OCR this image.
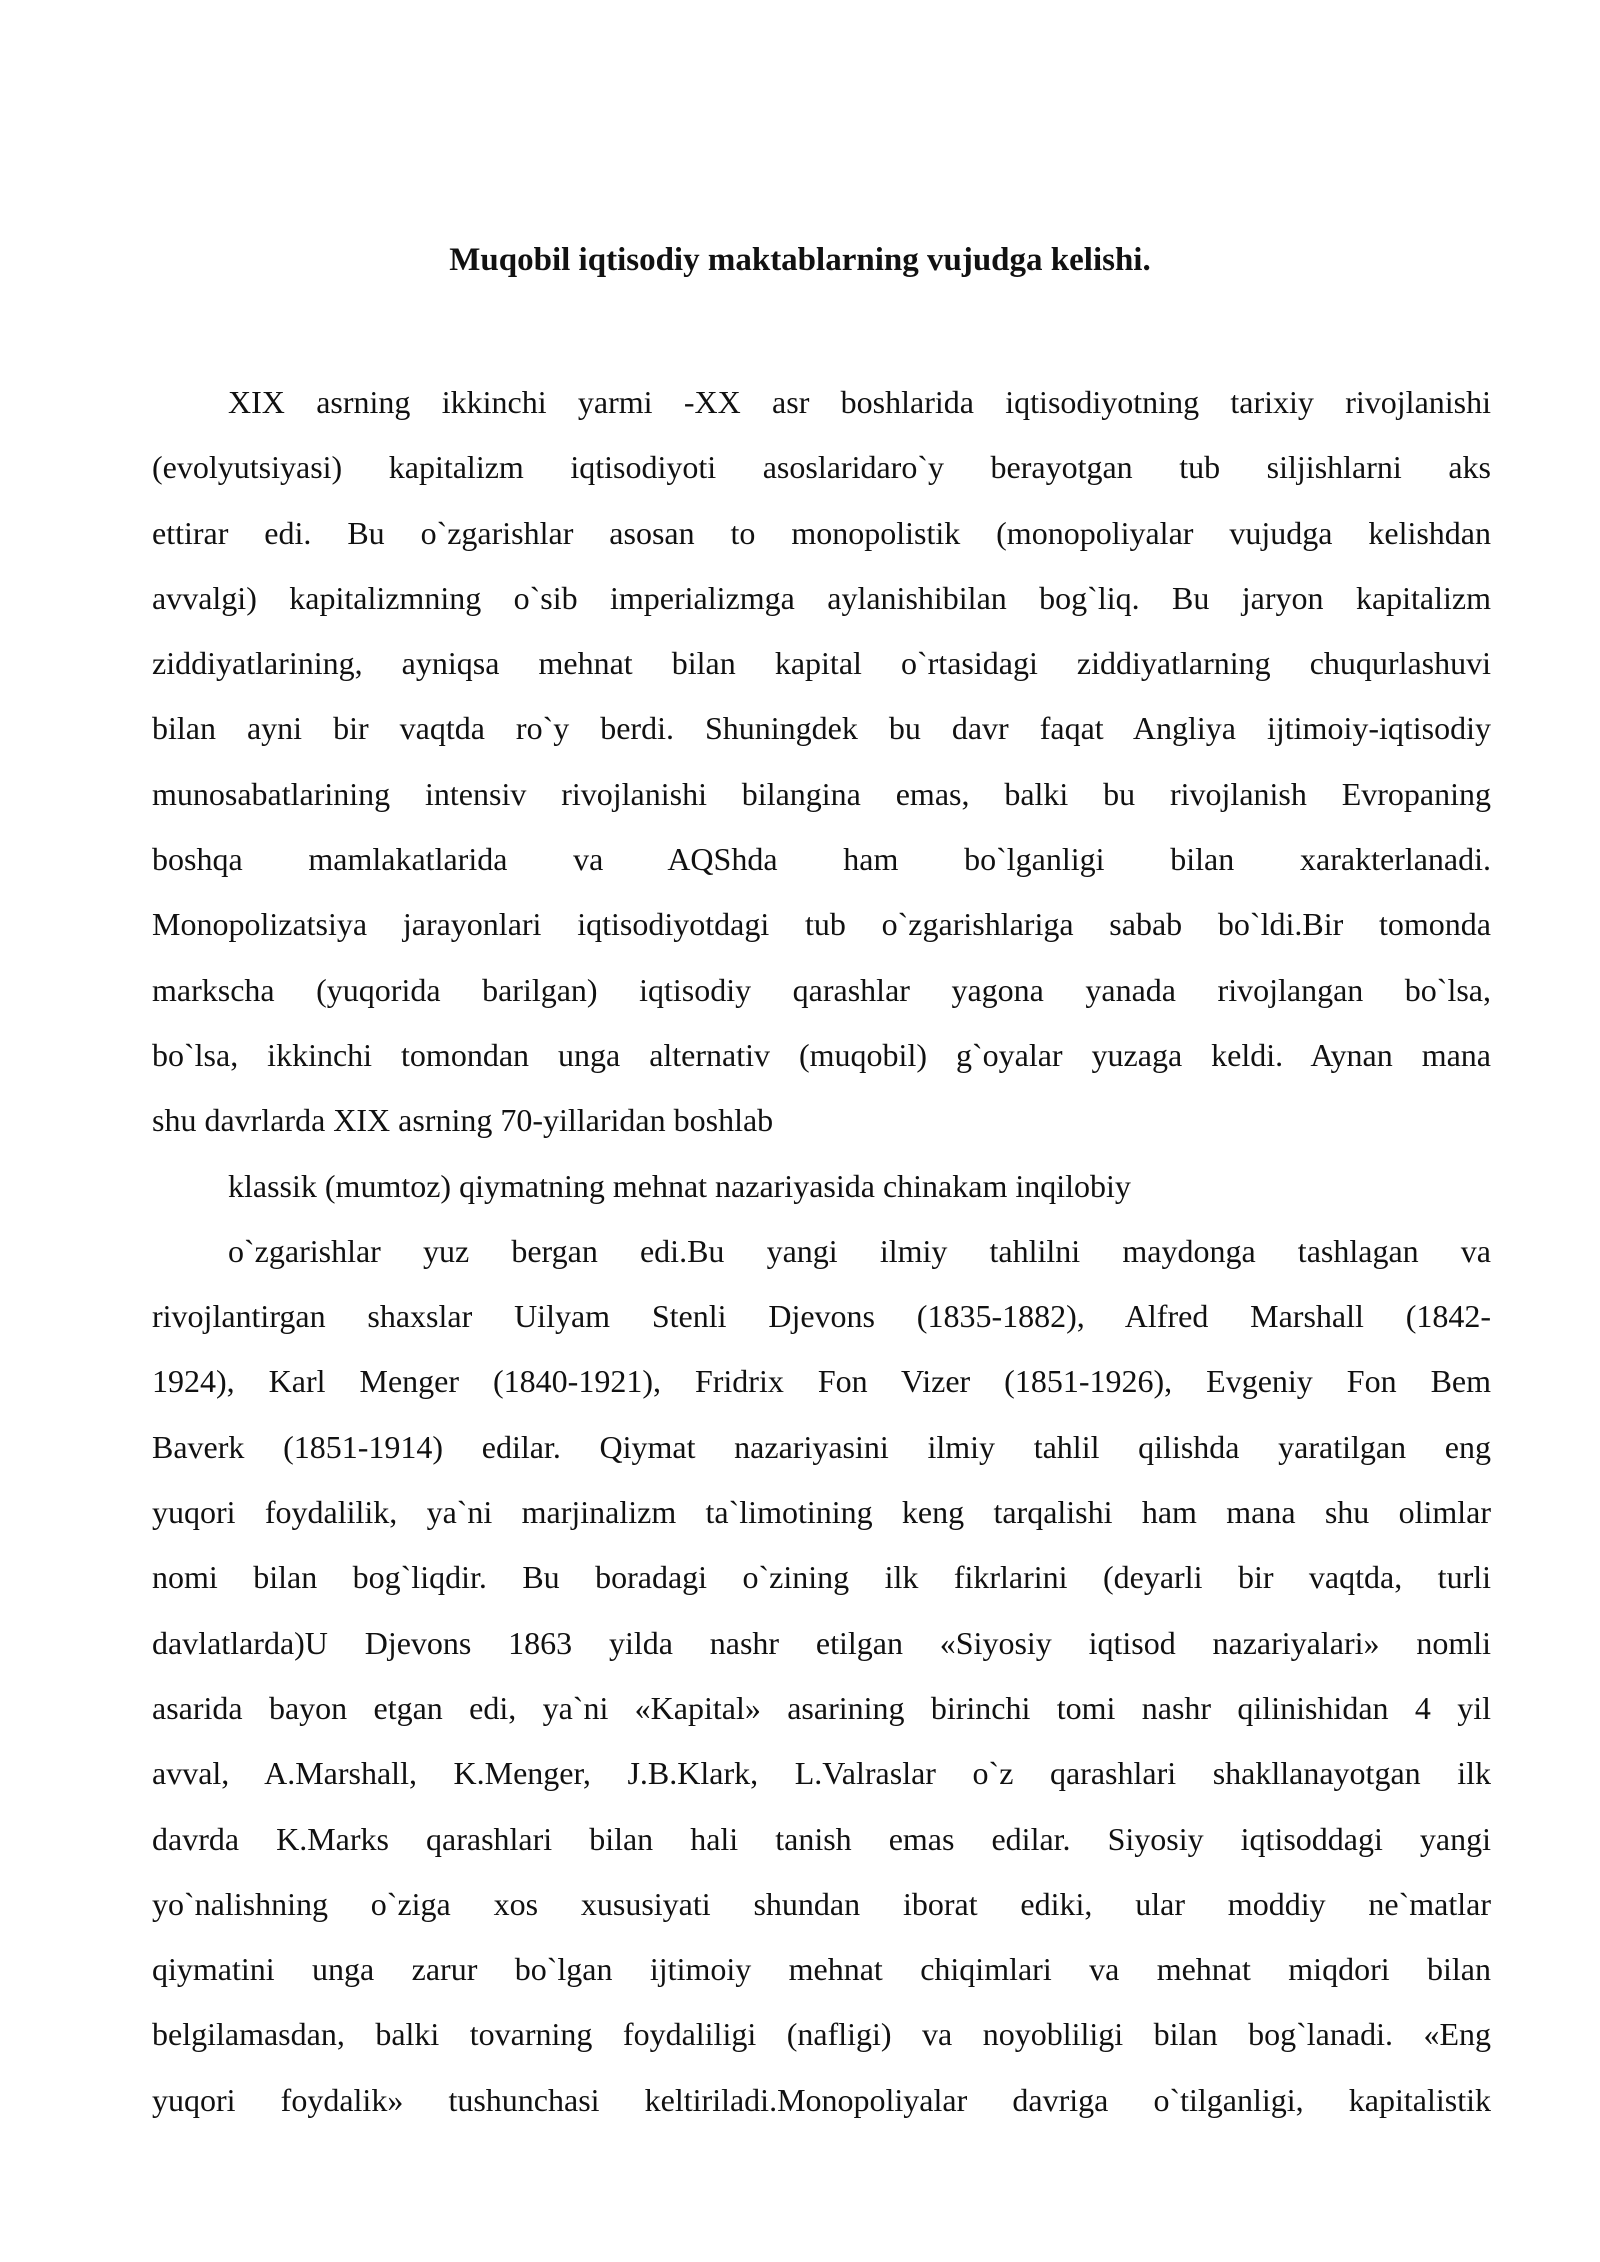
Muqobil iqtisodiy maktablarning vujudga kelishi.
XIX asrning ikkinchi yarmi -XX asr boshlarida iqtisodiyotning tarixiy rivojlanishi
(evolyutsiyasi) kapitalizm iqtisodiyoti asoslaridaro`y berayotgan tub siljishlarni aks
ettirar edi. Bu o`zgarishlar asosan to monopolistik (monopoliyalar vujudga kelishdan
avvalgi) kapitalizmning o`sib imperializmga aylanishibilan bog`liq. Bu jaryon kapitalizm
ziddiyatlarining, ayniqsa mehnat bilan kapital o`rtasidagi ziddiyatlarning chuqurlashuvi
bilan ayni bir vaqtda ro`y berdi. Shuningdek bu davr faqat Angliya ijtimoiy-iqtisodiy
munosabatlarining intensiv rivojlanishi bilangina emas, balki bu rivojlanish Evropaning
boshqa mamlakatlarida va AQShda ham bo`lganligi bilan xarakterlanadi.
Monopolizatsiya jarayonlari iqtisodiyotdagi tub o`zgarishlariga sabab bo`ldi.Bir tomonda
markscha (yuqorida barilgan) iqtisodiy qarashlar yagona yanada rivojlangan bo`lsa,
bo`lsa, ikkinchi tomondan unga alternativ (muqobil) g`oyalar yuzaga keldi. Aynan mana
shu davrlarda XIX asrning 70-yillaridan boshlab
klassik (mumtoz) qiymatning mehnat nazariyasida chinakam inqilobiy
o`zgarishlar yuz bergan edi.Bu yangi ilmiy tahlilni maydonga tashlagan va
rivojlantirgan shaxslar Uilyam Stenli Djevons (1835-1882), Alfred Marshall (1842-
1924), Karl Menger (1840-1921), Fridrix Fon Vizer (1851-1926), Evgeniy Fon Bem
Baverk (1851-1914) edilar. Qiymat nazariyasini ilmiy tahlil qilishda yaratilgan eng
yuqori foydalilik, ya`ni marjinalizm ta`limotining keng tarqalishi ham mana shu olimlar
nomi bilan bog`liqdir. Bu boradagi o`zining ilk fikrlarini (deyarli bir vaqtda, turli
davlatlarda)U Djevons 1863 yilda nashr etilgan «Siyosiy iqtisod nazariyalari» nomli
asarida bayon etgan edi, ya`ni «Kapital» asarining birinchi tomi nashr qilinishidan 4 yil
avval, A.Marshall, K.Menger, J.B.Klark, L.Valraslar o`z qarashlari shakllanayotgan ilk
davrda K.Marks qarashlari bilan hali tanish emas edilar. Siyosiy iqtisoddagi yangi
yo`nalishning o`ziga xos xususiyati shundan iborat ediki, ular moddiy ne`matlar
qiymatini unga zarur bo`lgan ijtimoiy mehnat chiqimlari va mehnat miqdori bilan
belgilamasdan, balki tovarning foydaliligi (nafligi) va noyobliligi bilan bog`lanadi. «Eng
yuqori foydalik» tushunchasi keltiriladi.Monopoliyalar davriga o`tilganligi, kapitalistik
